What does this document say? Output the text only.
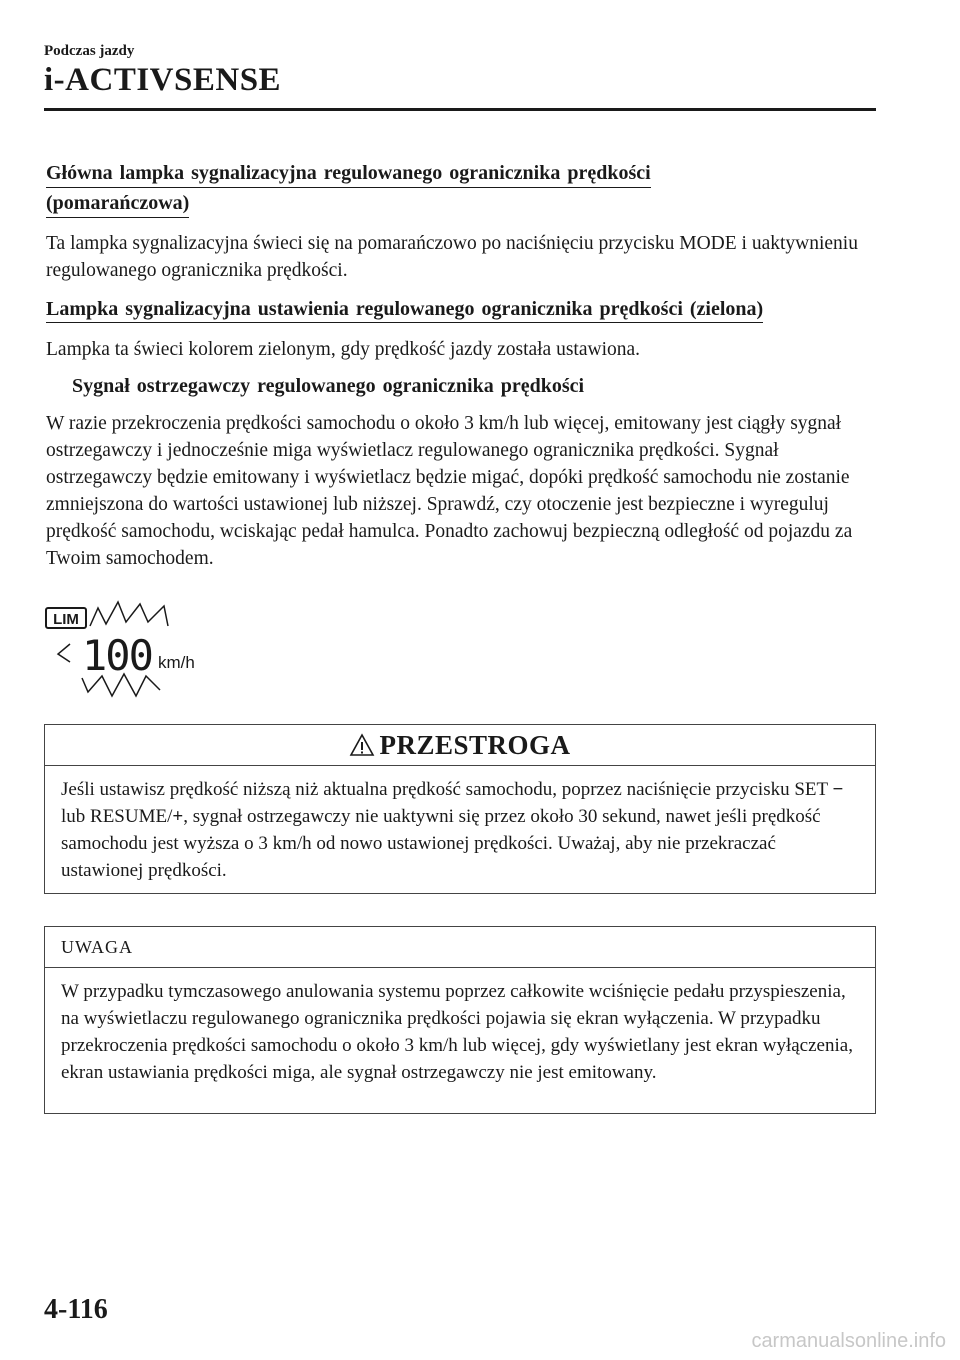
Podczas jazdy
i-ACTIVSENSE
Główna lampka sygnalizacyjna regulowanego ogranicznika prędkości
(pomarańczowa)

Ta lampka sygnalizacyjna świeci się na pomarańczowo po naciśnięciu przycisku MODE i uaktywnieniu regulowanego ogranicznika prędkości.

Lampka sygnalizacyjna ustawienia regulowanego ogranicznika prędkości (zielona)

Lampka ta świeci kolorem zielonym, gdy prędkość jazdy została ustawiona.

Sygnał ostrzegawczy regulowanego ogranicznika prędkości

W razie przekroczenia prędkości samochodu o około 3 km/h lub więcej, emitowany jest ciągły sygnał ostrzegawczy i jednocześnie miga wyświetlacz regulowanego ogranicznika prędkości. Sygnał ostrzegawczy będzie emitowany i wyświetlacz będzie migać, dopóki prędkość samochodu nie zostanie zmniejszona do wartości ustawionej lub niższej. Sprawdź, czy otoczenie jest bezpieczne i wyreguluj prędkość samochodu, wciskając pedał hamulca. Ponadto zachowuj bezpieczną odległość od pojazdu za Twoim samochodem.

LIM
100 km/h
PRZESTROGA
Jeśli ustawisz prędkość niższą niż aktualna prędkość samochodu, poprzez naciśnięcie przycisku SET − lub RESUME/+, sygnał ostrzegawczy nie uaktywni się przez około 30 sekund, nawet jeśli prędkość samochodu jest wyższa o 3 km/h od nowo ustawionej prędkości. Uważaj, aby nie przekraczać ustawionej prędkości.
UWAGA
W przypadku tymczasowego anulowania systemu poprzez całkowite wciśnięcie pedału przyspieszenia, na wyświetlaczu regulowanego ogranicznika prędkości pojawia się ekran wyłączenia. W przypadku przekroczenia prędkości samochodu o około 3 km/h lub więcej, gdy wyświetlany jest ekran wyłączenia, ekran ustawiania prędkości miga, ale sygnał ostrzegawczy nie jest emitowany.
4-116
carmanualsonline.info
